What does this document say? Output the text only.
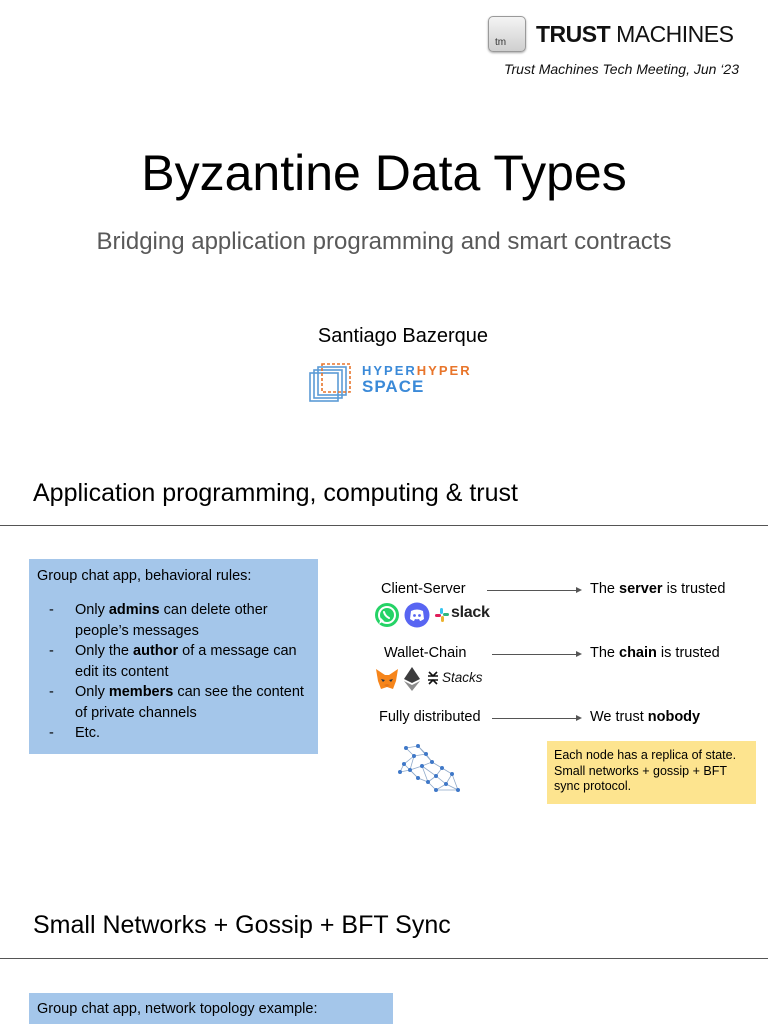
tm TRUST MACHINES
Trust Machines Tech Meeting, Jun ‘23
Byzantine Data Types
Bridging application programming and smart contracts
Santiago Bazerque
HYPERHYPER
SPACE
Application programming, computing & trust
Group chat app, behavioral rules:
- Only admins can delete other
people’s messages
- Only the author of a message can
edit its content
- Only members can see the content
of private channels
- Etc.
Client-Server	The server is trusted
slack
Wallet-Chain	The chain is trusted
Stacks
Fully distributed	We trust nobody
Each node has a replica of state.
Small networks + gossip + BFT
sync protocol.
Small Networks + Gossip + BFT Sync
Group chat app, network topology example:
